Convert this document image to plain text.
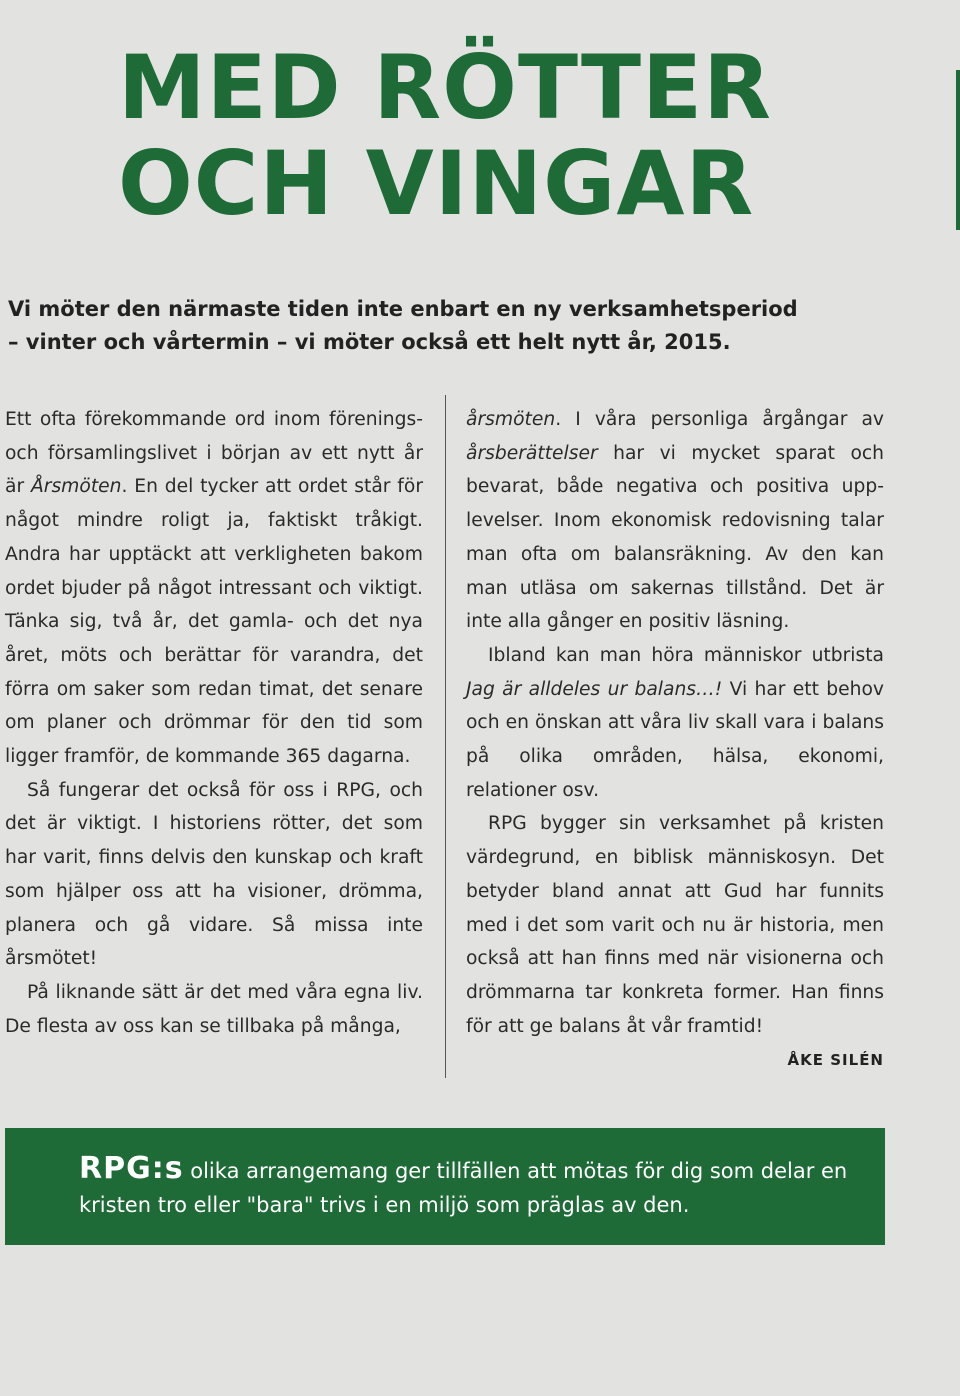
MED RÖTTER
OCH VINGAR
Vi möter den närmaste tiden inte enbart en ny verksamhetsperiod
– vinter och vårtermin – vi möter också ett helt nytt år, 2015.

Ett ofta förekommande ord inom förenings- och församlingslivet i början av ett nytt år är Årsmöten. En del tycker att ordet står för något mindre roligt ja, faktiskt tråkigt. Andra har upptäckt att verkligheten bakom ordet bjuder på något intressant och viktigt. Tänka sig, två år, det gamla- och det nya året, möts och berättar för varandra, det förra om saker som redan timat, det senare om planer och drömmar för den tid som ligger framför, de kommande 365 dagarna.

Så fungerar det också för oss i RPG, och det är viktigt. I historiens rötter, det som har varit, finns delvis den kunskap och kraft som hjälper oss att ha visioner, drömma, planera och gå vidare. Så missa inte årsmötet!

På liknande sätt är det med våra egna liv. De flesta av oss kan se tillbaka på många,

årsmöten. I våra personliga årgångar av årsberättelser har vi mycket sparat och bevarat, både negativa och positiva upplevelser. Inom ekonomisk redovisning talar man ofta om balansräkning. Av den kan man utläsa om sakernas tillstånd. Det är inte alla gånger en positiv läsning.

Ibland kan man höra människor utbrista Jag är alldeles ur balans…! Vi har ett behov och en önskan att våra liv skall vara i balans på olika områden, hälsa, ekonomi, relationer osv.

RPG bygger sin verksamhet på kristen värdegrund, en biblisk människosyn. Det betyder bland annat att Gud har funnits med i det som varit och nu är historia, men också att han finns med när visionerna och drömmarna tar konkreta former. Han finns för att ge balans åt vår framtid!

ÅKE SILÉN

RPG:s olika arrangemang ger tillfällen att mötas för dig som delar en kristen tro eller "bara" trivs i en miljö som präglas av den.
